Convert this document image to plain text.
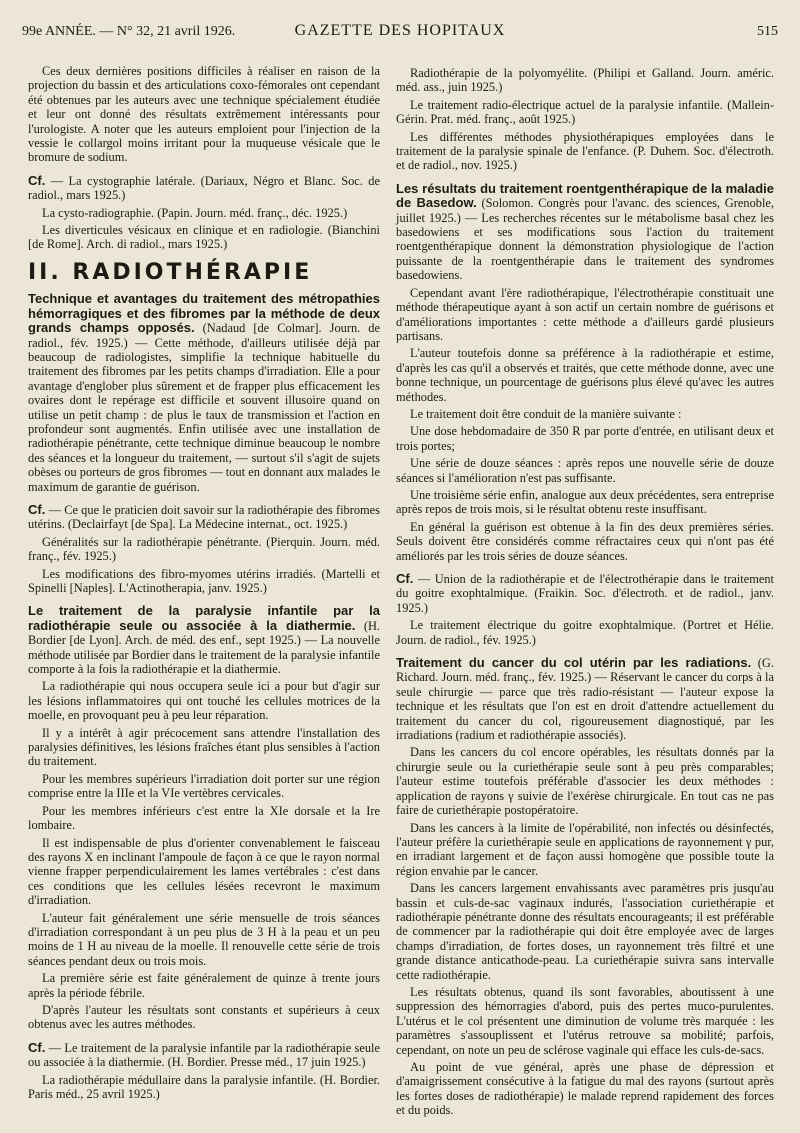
99e ANNÉE. — N° 32, 21 avril 1926.	GAZETTE DES HOPITAUX	515

Ces deux dernières positions difficiles à réaliser en raison de la projection du bassin et des articulations coxo-fémorales ont cependant été obtenues par les auteurs avec une technique spécialement étudiée et leur ont donné des résultats extrêmement intéressants pour l'urologiste. A noter que les auteurs emploient pour l'injection de la vessie le collargol moins irritant pour la muqueuse vésicale que le bromure de sodium.

Cf. — La cystographie latérale. (Dariaux, Négro et Blanc. Soc. de radiol., mars 1925.)

La cysto-radiographie. (Papin. Journ. méd. franç., déc. 1925.)

Les diverticules vésicaux en clinique et en radiologie. (Bianchini [de Rome]. Arch. di radiol., mars 1925.)

II. RADIOTHÉRAPIE

Technique et avantages du traitement des métropathies hémorragiques et des fibromes par la méthode de deux grands champs opposés. (Nadaud [de Colmar]. Journ. de radiol., fév. 1925.) — Cette méthode, d'ailleurs utilisée déjà par beaucoup de radiologistes, simplifie la technique habituelle du traitement des fibromes par les petits champs d'irradiation. Elle a pour avantage d'englober plus sûrement et de frapper plus efficacement les ovaires dont le repérage est difficile et souvent illusoire quand on utilise un petit champ : de plus le taux de transmission et l'action en profondeur sont augmentés. Enfin utilisée avec une installation de radiothérapie pénétrante, cette technique diminue beaucoup le nombre des séances et la longueur du traitement, — surtout s'il s'agit de sujets obèses ou porteurs de gros fibromes — tout en donnant aux malades le maximum de garantie de guérison.

Cf. — Ce que le praticien doit savoir sur la radiothérapie des fibromes utérins. (Declairfayt [de Spa]. La Médecine internat., oct. 1925.)

Généralités sur la radiothérapie pénétrante. (Pierquin. Journ. méd. franç., fév. 1925.)

Les modifications des fibro-myomes utérins irradiés. (Martelli et Spinelli [Naples]. L'Actinotherapia, janv. 1925.)

Le traitement de la paralysie infantile par la radiothérapie seule ou associée à la diathermie. (H. Bordier [de Lyon]. Arch. de méd. des enf., sept 1925.) — La nouvelle méthode utilisée par Bordier dans le traitement de la paralysie infantile comporte à la fois la radiothérapie et la diathermie.

La radiothérapie qui nous occupera seule ici a pour but d'agir sur les lésions inflammatoires qui ont touché les cellules motrices de la moelle, en provoquant peu à peu leur réparation.

Il y a intérêt à agir précocement sans attendre l'installation des paralysies définitives, les lésions fraîches étant plus sensibles à l'action du traitement.

Pour les membres supérieurs l'irradiation doit porter sur une région comprise entre la IIIe et la VIe vertèbres cervicales.

Pour les membres inférieurs c'est entre la XIe dorsale et la Ire lombaire.

Il est indispensable de plus d'orienter convenablement le faisceau des rayons X en inclinant l'ampoule de façon à ce que le rayon normal vienne frapper perpendiculairement les lames vertébrales : c'est dans ces conditions que les cellules lésées recevront le maximum d'irradiation.

L'auteur fait généralement une série mensuelle de trois séances d'irradiation correspondant à un peu plus de 3 H à la peau et un peu moins de 1 H au niveau de la moelle. Il renouvelle cette série de trois séances pendant deux ou trois mois.

La première série est faite généralement de quinze à trente jours après la période fébrile.

D'après l'auteur les résultats sont constants et supérieurs à ceux obtenus avec les autres méthodes.

Cf. — Le traitement de la paralysie infantile par la radiothérapie seule ou associée à la diathermie. (H. Bordier. Presse méd., 17 juin 1925.)

La radiothérapie médullaire dans la paralysie infantile. (H. Bordier. Paris méd., 25 avril 1925.)

Radiothérapie de la polyomyélite. (Philipi et Galland. Journ. améric. méd. ass., juin 1925.)

Le traitement radio-électrique actuel de la paralysie infantile. (Mallein-Gérin. Prat. méd. franç., août 1925.)

Les différentes méthodes physiothérapiques employées dans le traitement de la paralysie spinale de l'enfance. (P. Duhem. Soc. d'électroth. et de radiol., nov. 1925.)

Les résultats du traitement roentgenthérapique de la maladie de Basedow. (Solomon. Congrès pour l'avanc. des sciences, Grenoble, juillet 1925.) — Les recherches récentes sur le métabolisme basal chez les basedowiens et ses modifications sous l'action du traitement roentgenthérapique donnent la démonstration physiologique de l'action puissante de la roentgenthérapie dans le traitement des syndromes basedowiens.

Cependant avant l'ère radiothérapique, l'électrothérapie constituait une méthode thérapeutique ayant à son actif un certain nombre de guérisons et d'améliorations importantes : cette méthode a d'ailleurs gardé plusieurs partisans.

L'auteur toutefois donne sa préférence à la radiothérapie et estime, d'après les cas qu'il a observés et traités, que cette méthode donne, avec une bonne technique, un pourcentage de guérisons plus élevé qu'avec les autres méthodes.

Le traitement doit être conduit de la manière suivante :

Une dose hebdomadaire de 350 R par porte d'entrée, en utilisant deux et trois portes;

Une série de douze séances : après repos une nouvelle série de douze séances si l'amélioration n'est pas suffisante.

Une troisième série enfin, analogue aux deux précédentes, sera entreprise après repos de trois mois, si le résultat obtenu reste insuffisant.

En général la guérison est obtenue à la fin des deux premières séries. Seuls doivent être considérés comme réfractaires ceux qui n'ont pas été améliorés par les trois séries de douze séances.

Cf. — Union de la radiothérapie et de l'électrothérapie dans le traitement du goitre exophtalmique. (Fraikin. Soc. d'électroth. et de radiol., janv. 1925.)

Le traitement électrique du goitre exophtalmique. (Portret et Hélie. Journ. de radiol., fév. 1925.)

Traitement du cancer du col utérin par les radiations. (G. Richard. Journ. méd. franç., fév. 1925.) — Réservant le cancer du corps à la seule chirurgie — parce que très radio-résistant — l'auteur expose la technique et les résultats que l'on est en droit d'attendre actuellement du traitement du cancer du col, rigoureusement diagnostiqué, par les irradiations (radium et radiothérapie associés).

Dans les cancers du col encore opérables, les résultats donnés par la chirurgie seule ou la curiethérapie seule sont à peu près comparables; l'auteur estime toutefois préférable d'associer les deux méthodes : application de rayons γ suivie de l'exérèse chirurgicale. En tout cas ne pas faire de curiethérapie postopératoire.

Dans les cancers à la limite de l'opérabilité, non infectés ou désinfectés, l'auteur préfère la curiethérapie seule en applications de rayonnement γ pur, en irradiant largement et de façon aussi homogène que possible toute la région envahie par le cancer.

Dans les cancers largement envahissants avec paramètres pris jusqu'au bassin et culs-de-sac vaginaux indurés, l'association curiethérapie et radiothérapie pénétrante donne des résultats encourageants; il est préférable de commencer par la radiothérapie qui doit être employée avec de larges champs d'irradiation, de fortes doses, un rayonnement très filtré et une grande distance anticathode-peau. La curiethérapie suivra sans intervalle cette radiothérapie.

Les résultats obtenus, quand ils sont favorables, aboutissent à une suppression des hémorragies d'abord, puis des pertes muco-purulentes. L'utérus et le col présentent une diminution de volume très marquée : les paramètres s'assouplissent et l'utérus retrouve sa mobilité; parfois, cependant, on note un peu de sclérose vaginale qui efface les culs-de-sacs.

Au point de vue général, après une phase de dépression et d'amaigrissement consécutive à la fatigue du mal des rayons (surtout après les fortes doses de radiothérapie) le malade reprend rapidement des forces et du poids.
